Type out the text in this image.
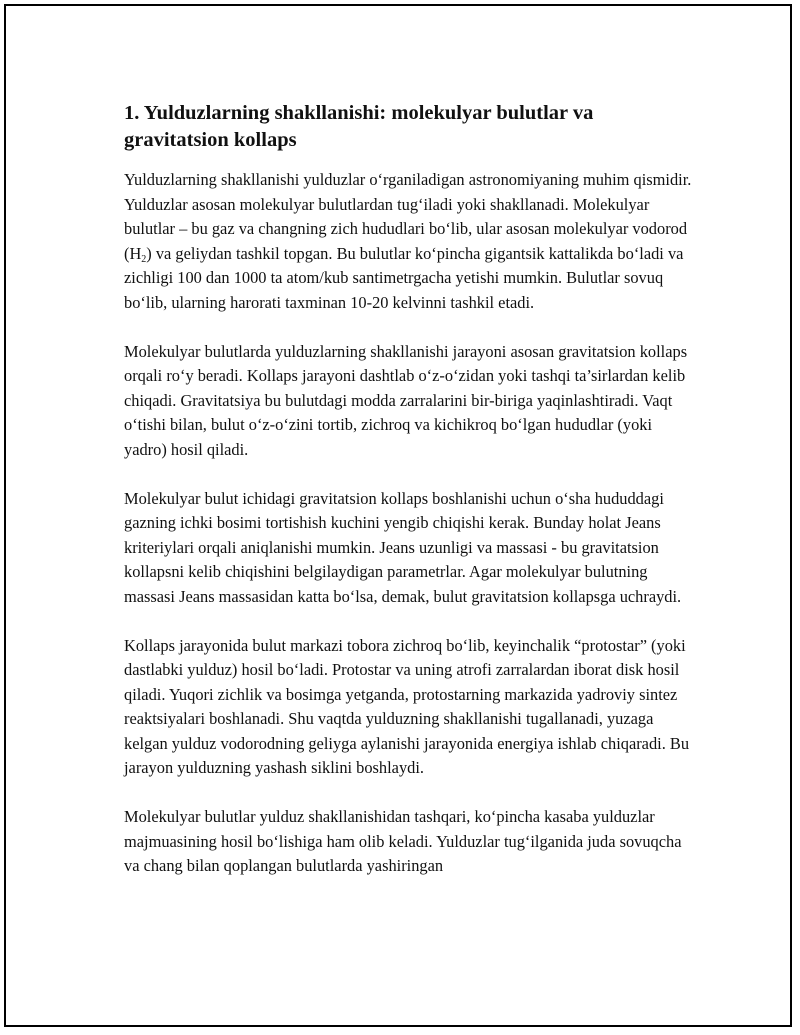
1. Yulduzlarning shakllanishi: molekulyar bulutlar va gravitatsion kollaps

Yulduzlarning shakllanishi yulduzlar o‘rganiladigan astronomiyaning muhim qismidir. Yulduzlar asosan molekulyar bulutlardan tug‘iladi yoki shakllanadi. Molekulyar bulutlar – bu gaz va changning zich hududlari bo‘lib, ular asosan molekulyar vodorod $(H_2)$ va geliydan tashkil topgan. Bu bulutlar ko‘pincha gigantsik kattalikda bo‘ladi va zichligi 100 dan 1000 ta atom/kub santimetrgacha yetishi mumkin. Bulutlar sovuq bo‘lib, ularning harorati taxminan 10-20 kelvinni tashkil etadi.

Molekulyar bulutlarda yulduzlarning shakllanishi jarayoni asosan gravitatsion kollaps orqali ro‘y beradi. Kollaps jarayoni dashtlab o‘z-o‘zidan yoki tashqi ta’sirlardan kelib chiqadi. Gravitatsiya bu bulutdagi modda zarralarini bir-biriga yaqinlashtiradi. Vaqt o‘tishi bilan, bulut o‘z-o‘zini tortib, zichroq va kichikroq bo‘lgan hududlar (yoki yadro) hosil qiladi.

Molekulyar bulut ichidagi gravitatsion kollaps boshlanishi uchun o‘sha hududdagi gazning ichki bosimi tortishish kuchini yengib chiqishi kerak. Bunday holat Jeans kriteriylari orqali aniqlanishi mumkin. Jeans uzunligi va massasi - bu gravitatsion kollapsni kelib chiqishini belgilaydigan parametrlar. Agar molekulyar bulutning massasi Jeans massasidan katta bo‘lsa, demak, bulut gravitatsion kollapsga uchraydi.

Kollaps jarayonida bulut markazi tobora zichroq bo‘lib, keyinchalik “protostar” (yoki dastlabki yulduz) hosil bo‘ladi. Protostar va uning atrofi zarralardan iborat disk hosil qiladi. Yuqori zichlik va bosimga yetganda, protostarning markazida yadroviy sintez reaktsiyalari boshlanadi. Shu vaqtda yulduzning shakllanishi tugallanadi, yuzaga kelgan yulduz vodorodning geliyga aylanishi jarayonida energiya ishlab chiqaradi. Bu jarayon yulduzning yashash siklini boshlaydi.

Molekulyar bulutlar yulduz shakllanishidan tashqari, ko‘pincha kasaba yulduzlar majmuasining hosil bo‘lishiga ham olib keladi. Yulduzlar tug‘ilganida juda sovuqcha va chang bilan qoplangan bulutlarda yashiringan
